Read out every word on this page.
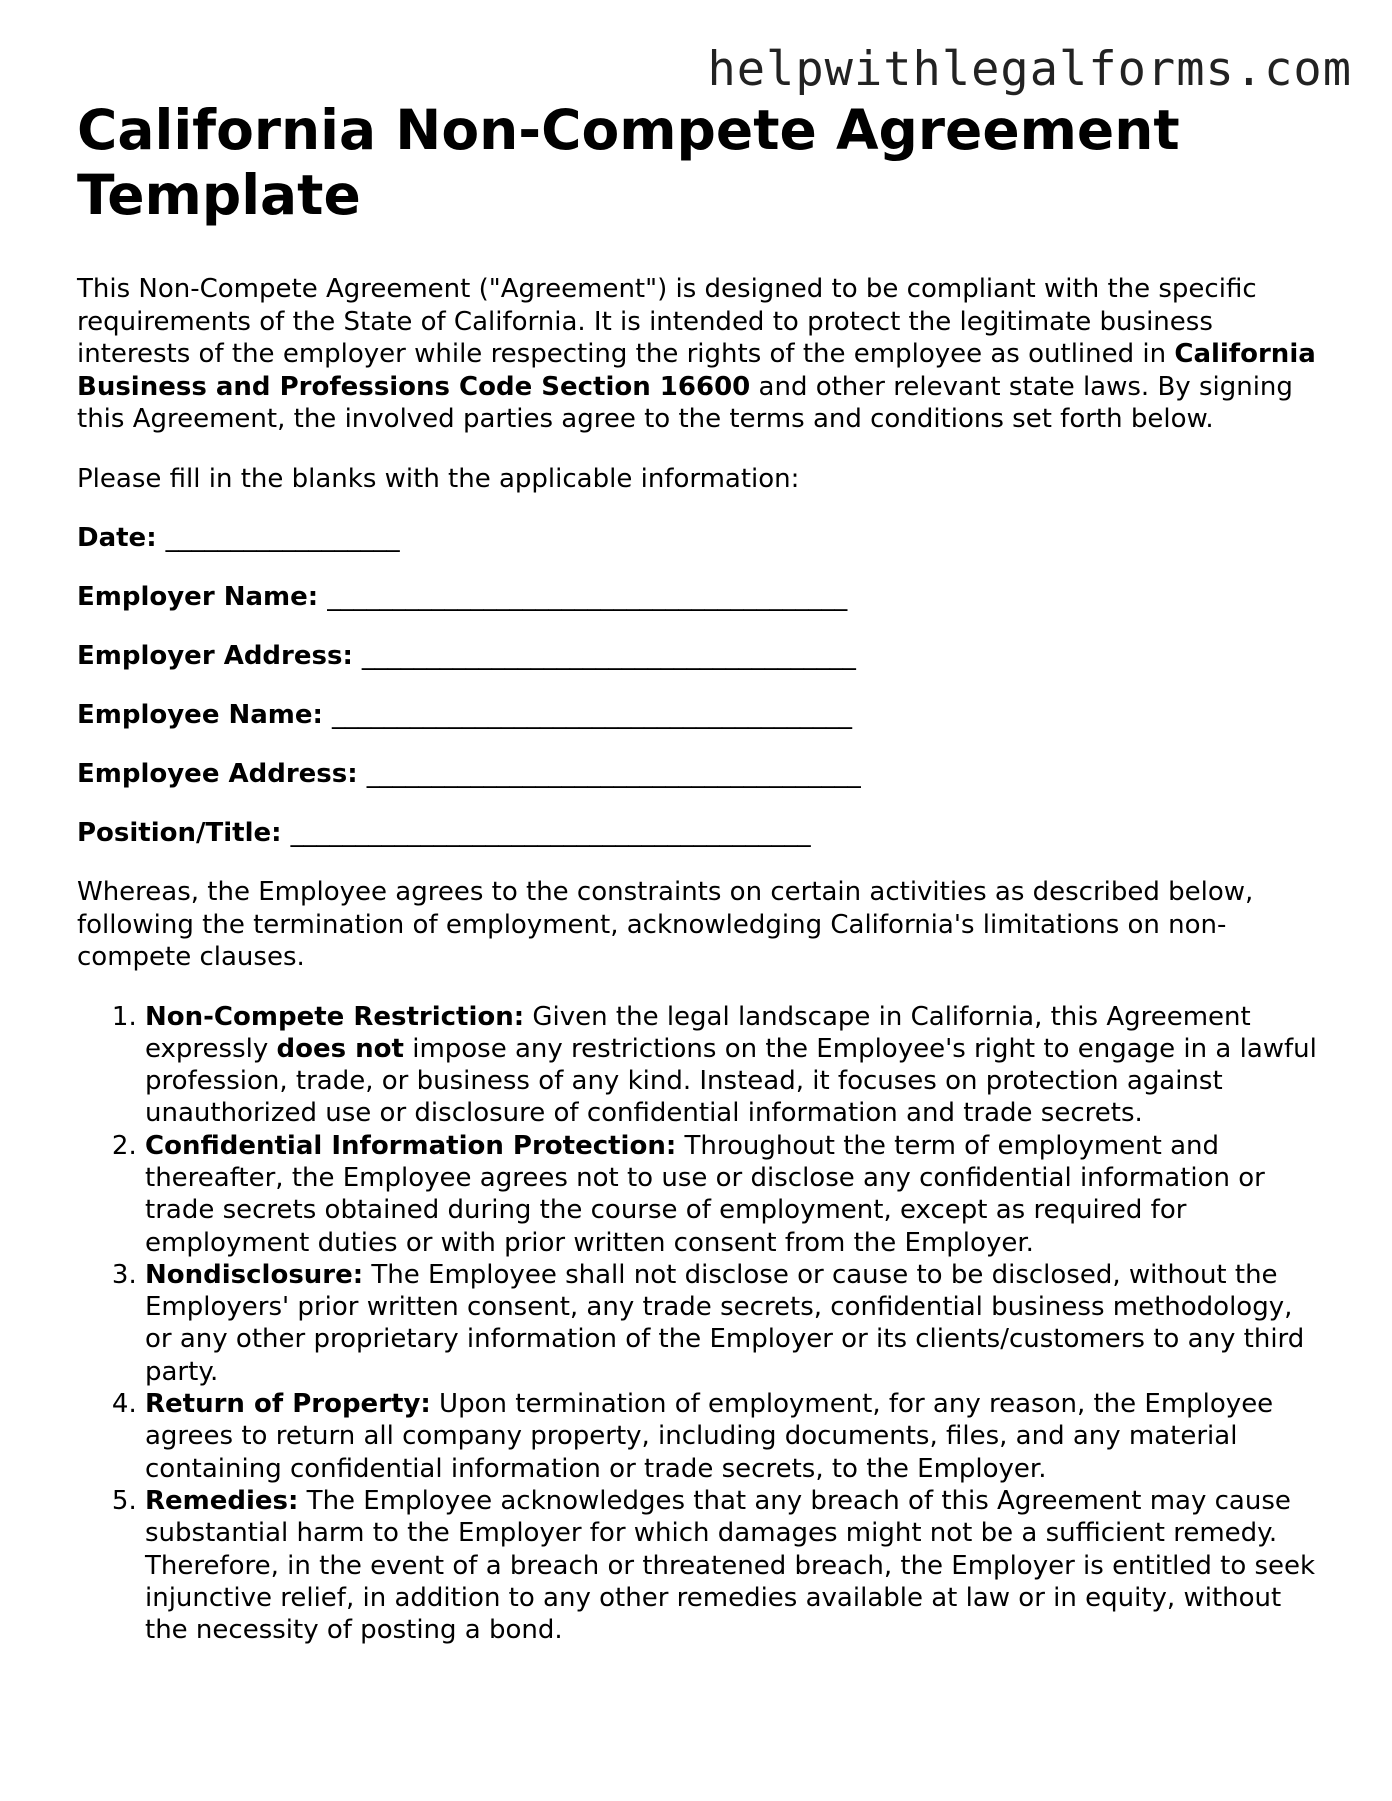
helpwithlegalforms.com
California Non-Compete Agreement Template

This Non-Compete Agreement ("Agreement") is designed to be compliant with the specific requirements of the State of California. It is intended to protect the legitimate business interests of the employer while respecting the rights of the employee as outlined in California Business and Professions Code Section 16600 and other relevant state laws. By signing this Agreement, the involved parties agree to the terms and conditions set forth below.

Please fill in the blanks with the applicable information:

Date: __________________
Employer Name: ________________________________________
Employer Address: ______________________________________
Employee Name: ________________________________________
Employee Address: ______________________________________
Position/Title: ________________________________________

Whereas, the Employee agrees to the constraints on certain activities as described below, following the termination of employment, acknowledging California's limitations on non-compete clauses.

1. Non-Compete Restriction: Given the legal landscape in California, this Agreement expressly does not impose any restrictions on the Employee's right to engage in a lawful profession, trade, or business of any kind. Instead, it focuses on protection against unauthorized use or disclosure of confidential information and trade secrets.
2. Confidential Information Protection: Throughout the term of employment and thereafter, the Employee agrees not to use or disclose any confidential information or trade secrets obtained during the course of employment, except as required for employment duties or with prior written consent from the Employer.
3. Nondisclosure: The Employee shall not disclose or cause to be disclosed, without the Employers' prior written consent, any trade secrets, confidential business methodology, or any other proprietary information of the Employer or its clients/customers to any third party.
4. Return of Property: Upon termination of employment, for any reason, the Employee agrees to return all company property, including documents, files, and any material containing confidential information or trade secrets, to the Employer.
5. Remedies: The Employee acknowledges that any breach of this Agreement may cause substantial harm to the Employer for which damages might not be a sufficient remedy. Therefore, in the event of a breach or threatened breach, the Employer is entitled to seek injunctive relief, in addition to any other remedies available at law or in equity, without the necessity of posting a bond.
